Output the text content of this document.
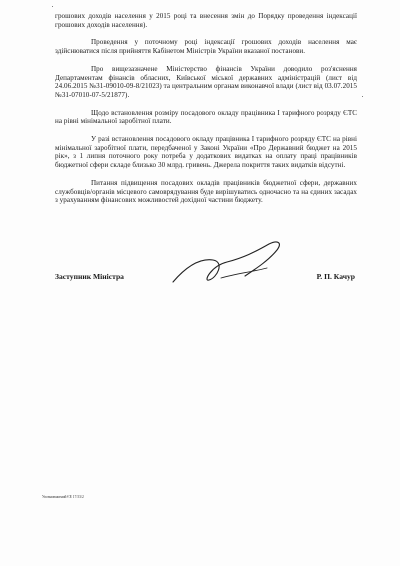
грошових доходів населення у 2015 році та внесення змін до Порядку проведення індексації грошових доходів населення).

Проведення у поточному році індексації грошових доходів населення має здійснюватися після прийняття Кабінетом Міністрів України вказаної постанови.

Про вищезазначене Міністерство фінансів України доводило роз'яснення Департаментам фінансів обласних, Київської міської державних адміністрацій (лист від 24.06.2015 №31-09010-09-8/21023) та центральним органам виконавчої влади (лист від 03.07.2015 №31-07010-07-5/21877).

Щодо встановлення розміру посадового окладу працівника I тарифного розряду ЄТС на рівні мінімальної заробітної плати.

У разі встановлення посадового окладу працівника I тарифного розряду ЄТС на рівні мінімальної заробітної плати, передбаченої у Законі України «Про Державний бюджет на 2015 рік», з 1 липня поточного року потреба у додаткових видатках на оплату праці працівників бюджетної сфери складе близько 30 млрд. гривень. Джерела покриття таких видатків відсутні.

Питання підвищення посадових окладів працівників бюджетної сфери, державних службовців/органів місцевого самоврядування буде вирішуватись одночасно та на єдиних засадах з урахуванням фінансових можливостей дохідної частини бюджету.

Заступник Міністра	Р. П. Качур
Уповноважений ЄЕ 17:53/2
